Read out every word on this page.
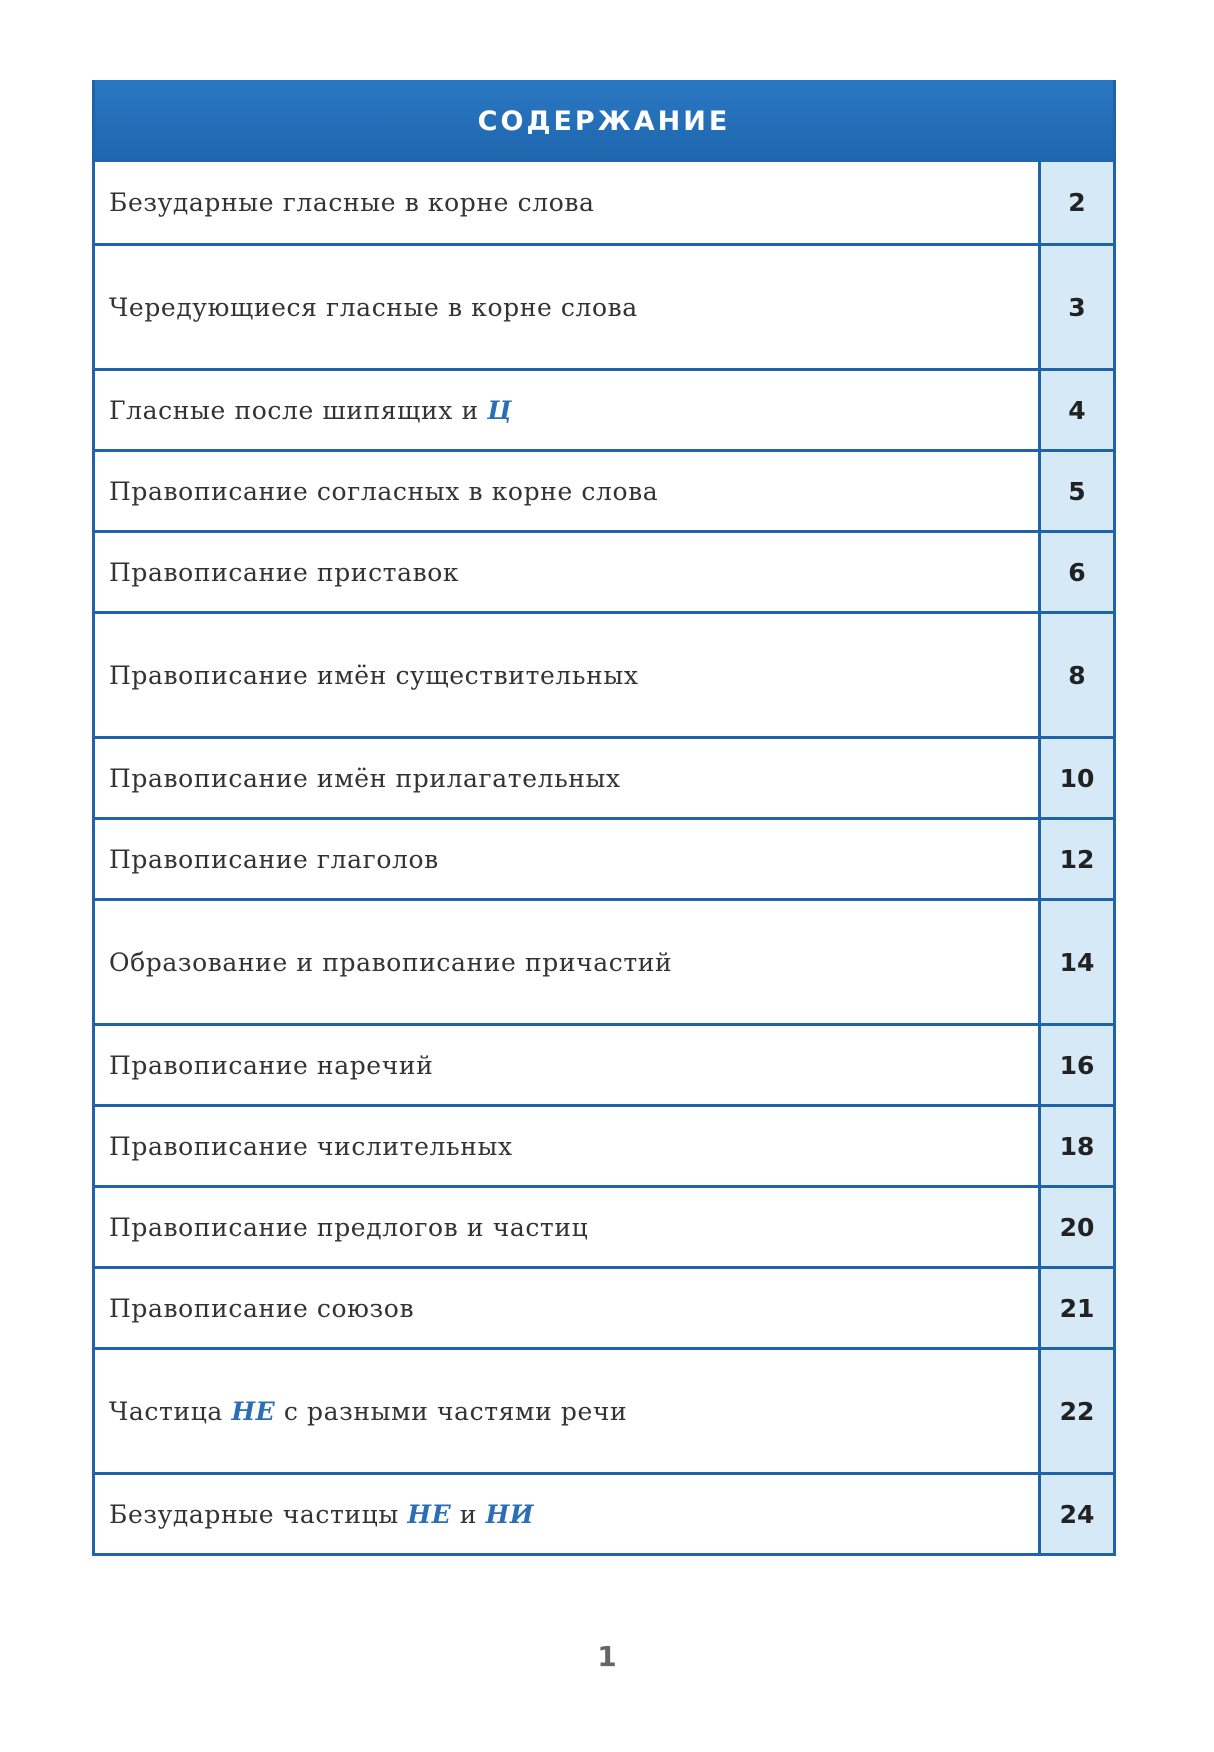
СОДЕРЖАНИЕ
Безударные гласные в корне слова	2
Чередующиеся гласные в корне слова	3
Гласные после шипящих и Ц	4
Правописание согласных в корне слова	5
Правописание приставок	6
Правописание имён существительных	8
Правописание имён прилагательных	10
Правописание глаголов	12
Образование и правописание причастий	14
Правописание наречий	16
Правописание числительных	18
Правописание предлогов и частиц	20
Правописание союзов	21
Частица НЕ с разными частями речи	22
Безударные частицы НЕ и НИ	24
1
